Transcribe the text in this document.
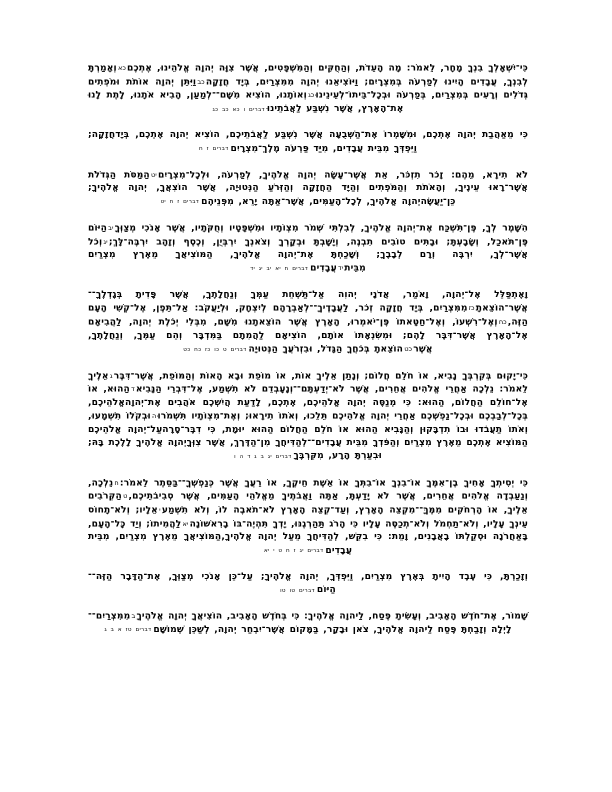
כִּי־יִשְׁאָלְךָ בִנְךָ מָחָר, לֵאמֹר: מָה הָעֵדֹת, וְהַחֻקִּים וְהַמִּשְׁפָּטִים, אֲשֶׁר צִוָּה יְהוָה אֱלֹהֵינוּ, אֶתְכֶםכאוְאָמַרְתָּ לְבִנְךָ, עֲבָדִים הָיִינוּ לְפַרְעֹה בְּמִצְרָיִם; וַיּוֹצִיאֵנוּ יְהוָה מִמִּצְרַיִם, בְּיָד חֲזָקָהכבוַיִּתֵּן יְהוָה אוֹתֹת וּמֹפְתִים גְּדֹלִים וְרָעִים בְּמִצְרַיִם, בְּפַרְעֹה וּבְכָל־בֵּיתוֹ־לְעֵינֵינוּכגוְאוֹתָנוּ, הוֹצִיא מִשָּׁם־־לְמַעַן, הָבִיא אֹתָנוּ, לָתֶת לָנוּ אֶת־הָאָרֶץ, אֲשֶׁר נִשְׁבַּע לַאֲבֹתֵינוּדברים ו כא כב כג

כִּי מֵאַהֲבַת יְהוָה אֶתְכֶם, וּמִשָּׁמְרוֹ אֶת־הַשְּׁבֻעָה אֲשֶׁר נִשְׁבַּע לַאֲבֹתֵיכֶם, הוֹצִיא יְהוָה אֶתְכֶם, בְּיָדחֲזָקָה; וַיִּפְדְּךָ מִבֵּית עֲבָדִים, מִיַּד פַּרְעֹה מֶלֶךְ־מִצְרָיִםדברים ז ח

לֹא תִירָא, מֵהֶם: זָכֹר תִזְכֹּר, אֵת אֲשֶׁר־עָשָׂה יְהוָה אֱלֹהֶיךָ, לְפַרְעֹה, וּלְכָל־מִצְרָיִםיטהַמַּסֹּת הַגְּדֹלֹת אֲשֶׁר־רָאוּ עֵינֶיךָ, וְהָאֹתֹת וְהַמֹּפְתִים וְהַיָּד הַחֲזָקָה וְהַזְּרֹעַ הַנְּטוּיָה, אֲשֶׁר הוֹצִאֲךָ, יְהוָה אֱלֹהֶיךָ; כֵּן־יַעֲשֶׂהיְהוָה אֱלֹהֶיךָ, לְכָל־הָעַמִּים, אֲשֶׁר־אַתָּה יָרֵא, מִפְּנֵיהֶםדברים ז ח יט

הִשָּׁמֶר לְךָ, פֶּן־תִּשְׁכַּח אֶת־יְהוָה אֱלֹהֶיךָ, לְבִלְתִּי שְׁמֹר מִצְוֹתָיו וּמִשְׁפָּטָיו וְחֻקֹּתָיו, אֲשֶׁר אָנֹכִי מְצַוְּךָיבהַיּוֹם פֶּן־תֹּאכַל, וְשָׂבָעְתָּ; וּבָתִּים טוֹבִים תִבְנֶה, וְיָשָׁבְתָּ וּבְקָרְךָ וְצֹאנְךָ יִרְבְּיֻן, וְכֶסֶף וְזָהָב יִרְבֶּה־לָּךְ;יגוְכֹל אֲשֶׁר־לְךָ, יִרְבֶּה וְרָם לְבָבֶךָ; וְשָׁכַחְתָּ אֶת־יְהוָה אֱלֹהֶיךָ, הַמּוֹצִיאֲךָ מֵאֶרֶץ מִצְרַיִם מִבֵּיתידעֲבָדִיםדברים ח יא יב יג יד

וָאֶתְפַּלֵּל אֶל־יְהוָה, וָאֹמַר, אֲדֹנָי יְהוִה אַל־תַּשְׁחֵת עַמְּךָ וְנַחֲלָתֶךָ, אֲשֶׁר פָּדִיתָ בְּגָדְלֶךָ־־אֲשֶׁר־הוֹצֵאתָכזמִמִּצְרַיִם, בְּיָד חֲזָקָה זְכֹר, לַעֲבָדֶיךָ־־לְאַבְרָהָם לְיִצְחָק, וּלְיַעֲקֹב: אַל־תֵּפֶן, אֶל־קְשִׁי הָעָם הַזֶּה,כחוְאֶל־רִשְׁעוֹ, וְאֶל־חַטָּאתוֹ פֶּן־יֹאמְרוּ, הָאָרֶץ אֲשֶׁר הוֹצֵאתָנוּ מִשָּׁם, מִבְּלִי יְכֹלֶת יְהוָה, לַהֲבִיאָם אֶל־הָאָרֶץ אֲשֶׁר־דִּבֶּר לָהֶם; וּמִשִּׂנְאָתוֹ אוֹתָם, הוֹצִיאָם לַהֲמִתָם בַּמִּדְבָּר וְהֵם עַמְּךָ, וְנַחֲלָתֶךָ, אֲשֶׁרכטהוֹצֵאתָ בְּכֹחֲךָ הַגָּדֹל, וּבִזְרֹעֲךָ הַנְּטוּיָהדברים ט כו כז כח כט

כִּי־יָקוּם בְּקִרְבְּךָ נָבִיא, אוֹ חֹלֵם חֲלוֹם; וְנָתַן אֵלֶיךָ אוֹת, אוֹ מוֹפֵת וּבָא הָאוֹת וְהַמּוֹפֵת, אֲשֶׁר־דִּבֶּרגאֵלֶיךָ לֵאמֹר: נֵלְכָה אַחֲרֵי אֱלֹהִים אֲחֵרִים, אֲשֶׁר לֹא־יְדַעְתָּם־־וְנָעָבְדֵם לֹא תִשְׁמַע, אֶל־דִּבְרֵי הַנָּבִיאדהַהוּא, אוֹ אֶל־חוֹלֵם הַחֲלוֹם, הַהוּא: כִּי מְנַסֶּה יְהוָה אֱלֹהֵיכֶם, אֶתְכֶם, לָדַעַת הֲיִשְׁכֶם אֹהֲבִים אֶת־יְהוָהאֱלֹהֵיכֶם, בְּכָל־לְבַבְכֶם וּבְכָל־נַפְשְׁכֶם אַחֲרֵי יְהוָה אֱלֹהֵיכֶם תֵּלֵכוּ, וְאֹתוֹ תִירָאוּ; וְאֶת־מִצְוֹתָיו תִּשְׁמֹרוּהוּבְקֹלוֹ תִשְׁמָעוּ, וְאֹתוֹ תַעֲבֹדוּ וּבוֹ תִדְבָּקוּן וְהַנָּבִיא הַהוּא אוֹ חֹלֵם הַחֲלוֹם הַהוּא יוּמָת, כִּי דִבֶּר־סָרָהעַל־יְהוָה אֱלֹהֵיכֶם הַמּוֹצִיא אֶתְכֶם מֵאֶרֶץ מִצְרַיִם וְהַפֹּדְךָ מִבֵּית עֲבָדִים־־לְהַדִּיחֲךָ מִן־הַדֶּרֶךְ, אֲשֶׁר צִוְּךָיְהוָה אֱלֹהֶיךָ לָלֶכֶת בָּהּ; וּבִעַרְתָּ הָרָע, מִקִּרְבֶּךָדברים יג ב ג ד ה ו

כִּי יְסִיתְךָ אָחִיךָ בֶן־אִמֶּךָ אוֹ־בִנְךָ אוֹ־בִתְּךָ אוֹ אֵשֶׁת חֵיקֶךָ, אוֹ רֵעֲךָ אֲשֶׁר כְּנַפְשְׁךָ־־בַּסֵּתֶר לֵאמֹר:חנֵלְכָה, וְנַעַבְדָה אֱלֹהִים אֲחֵרִים, אֲשֶׁר לֹא יָדַעְתָּ, אַתָּה וַאֲבֹתֶיךָ מֵאֱלֹהֵי הָעַמִּים, אֲשֶׁר סְבִיבֹתֵיכֶם,טהַקְּרֹבִים אֵלֶיךָ, אוֹ הָרְחֹקִים מִמֶּךָּ־־מִקְצֵה הָאָרֶץ, וְעַד־קְצֵה הָאָרֶץ לֹא־תֹאבֶה לוֹ, וְלֹא תִשְׁמַעיאֵלָיו; וְלֹא־תָחוֹס עֵינְךָ עָלָיו, וְלֹא־תַחְמֹל וְלֹא־תְכַסֶּה עָלָיו כִּי הָרֹג תַּהַרְגֶנּוּ, יָדְךָ תִּהְיֶה־בּוֹ בָרִאשׁוֹנָהיאלַהֲמִיתוֹ; וְיַד כָּל־הָעָם, בָּאַחֲרֹנָה וּסְקַלְתּוֹ בָאֲבָנִים, וָמֵת: כִּי בִקֵּשׁ, לְהַדִּיחֲךָ מֵעַל יְהוָה אֱלֹהֶיךָ,הַמּוֹצִיאֲךָ מֵאֶרֶץ מִצְרַיִם, מִבֵּית עֲבָדִיםדברים יג ז ח ט י יא

וְזָכַרְתָּ, כִּי עֶבֶד הָיִיתָ בְּאֶרֶץ מִצְרַיִם, וַיִּפְדְּךָ, יְהוָה אֱלֹהֶיךָ; עַל־כֵּן אָנֹכִי מְצַוְּךָ, אֶת־הַדָּבָר הַזֶּה־־הַיּוֹםדברים טו טו

שָׁמוֹר, אֶת־חֹדֶשׁ הָאָבִיב, וְעָשִׂיתָ פֶּסַח, לַיהוָה אֱלֹהֶיךָ: כִּי בְּחֹדֶשׁ הָאָבִיב, הוֹצִיאֲךָ יְהוָה אֱלֹהֶיךָבמִמִּצְרַיִם־־לָיְלָה וְזָבַחְתָּ פֶּסַח לַיהוָה אֱלֹהֶיךָ, צֹאן וּבָקָר, בַּמָּקוֹם אֲשֶׁר־יִבְחַר יְהוָה, לְשַׁכֵּן שְׁמוֹשָׁםדברים טז א ב ג
